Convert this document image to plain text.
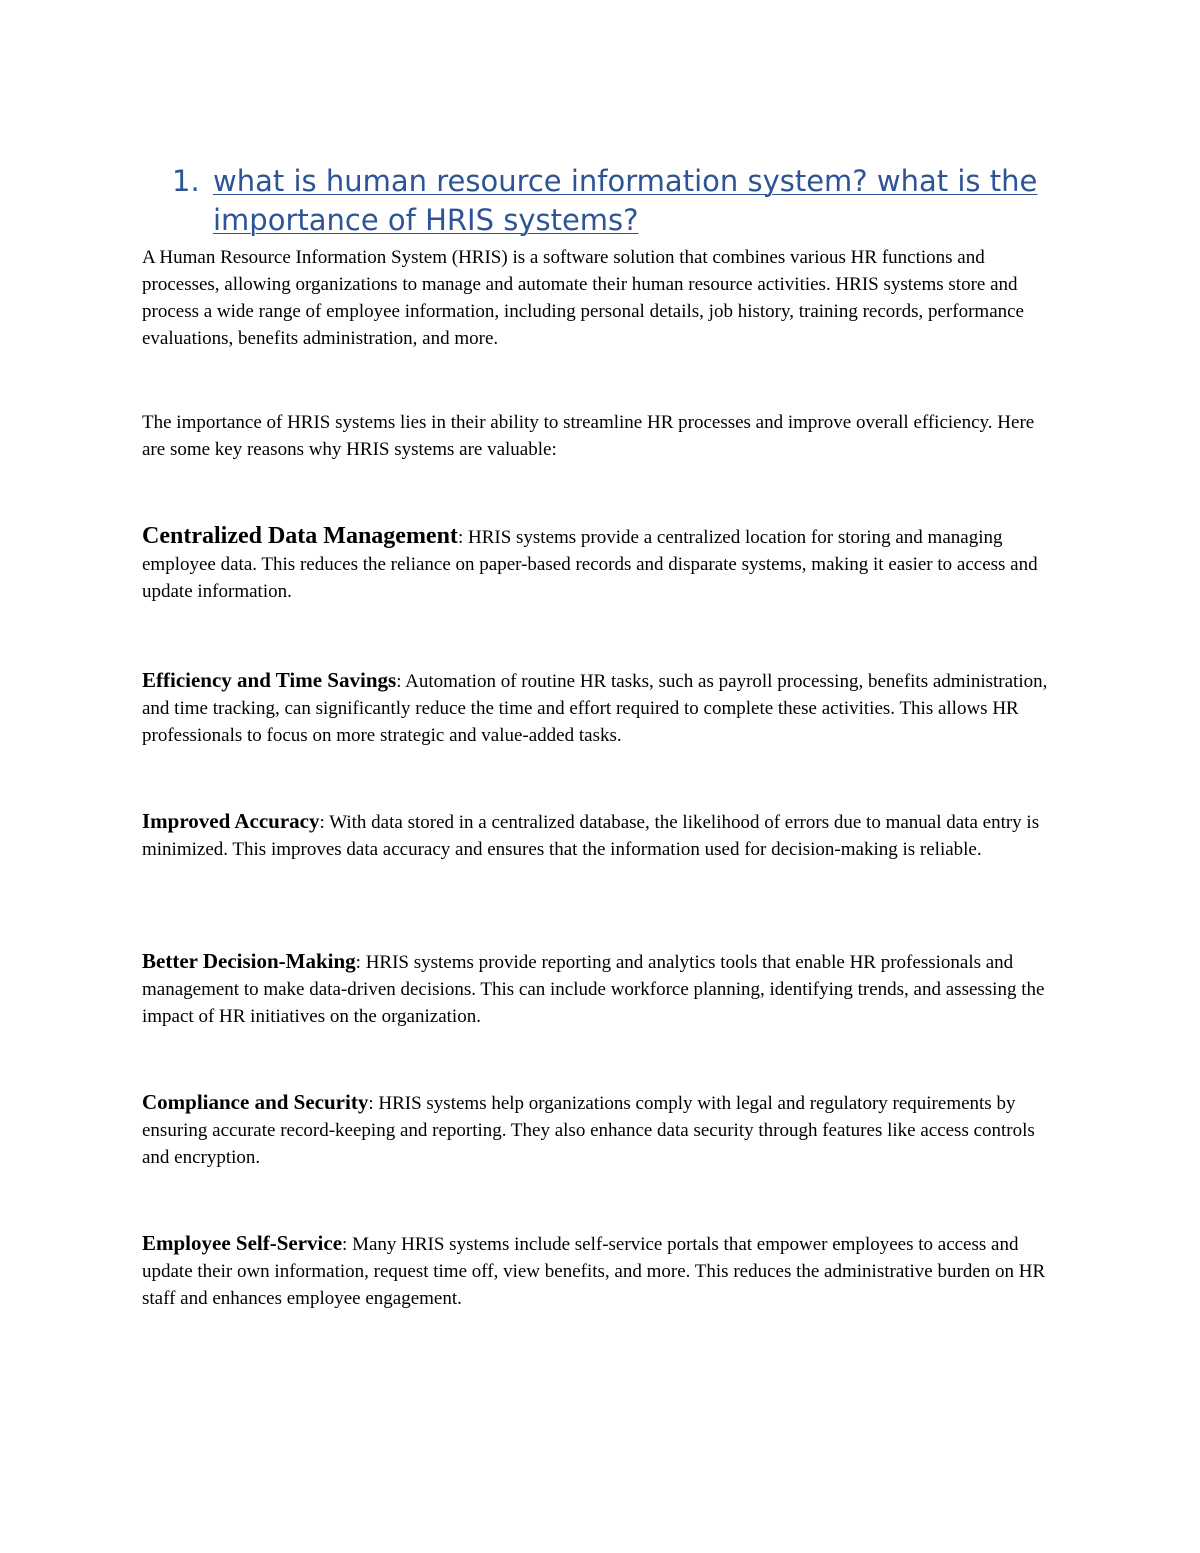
1. what is human resource information system? what is the importance of HRIS systems?
A Human Resource Information System (HRIS) is a software solution that combines various HR functions and processes, allowing organizations to manage and automate their human resource activities. HRIS systems store and process a wide range of employee information, including personal details, job history, training records, performance evaluations, benefits administration, and more.
The importance of HRIS systems lies in their ability to streamline HR processes and improve overall efficiency. Here are some key reasons why HRIS systems are valuable:
Centralized Data Management: HRIS systems provide a centralized location for storing and managing employee data. This reduces the reliance on paper-based records and disparate systems, making it easier to access and update information.
Efficiency and Time Savings: Automation of routine HR tasks, such as payroll processing, benefits administration, and time tracking, can significantly reduce the time and effort required to complete these activities. This allows HR professionals to focus on more strategic and value-added tasks.
Improved Accuracy: With data stored in a centralized database, the likelihood of errors due to manual data entry is minimized. This improves data accuracy and ensures that the information used for decision-making is reliable.
Better Decision-Making: HRIS systems provide reporting and analytics tools that enable HR professionals and management to make data-driven decisions. This can include workforce planning, identifying trends, and assessing the impact of HR initiatives on the organization.
Compliance and Security: HRIS systems help organizations comply with legal and regulatory requirements by ensuring accurate record-keeping and reporting. They also enhance data security through features like access controls and encryption.
Employee Self-Service: Many HRIS systems include self-service portals that empower employees to access and update their own information, request time off, view benefits, and more. This reduces the administrative burden on HR staff and enhances employee engagement.
